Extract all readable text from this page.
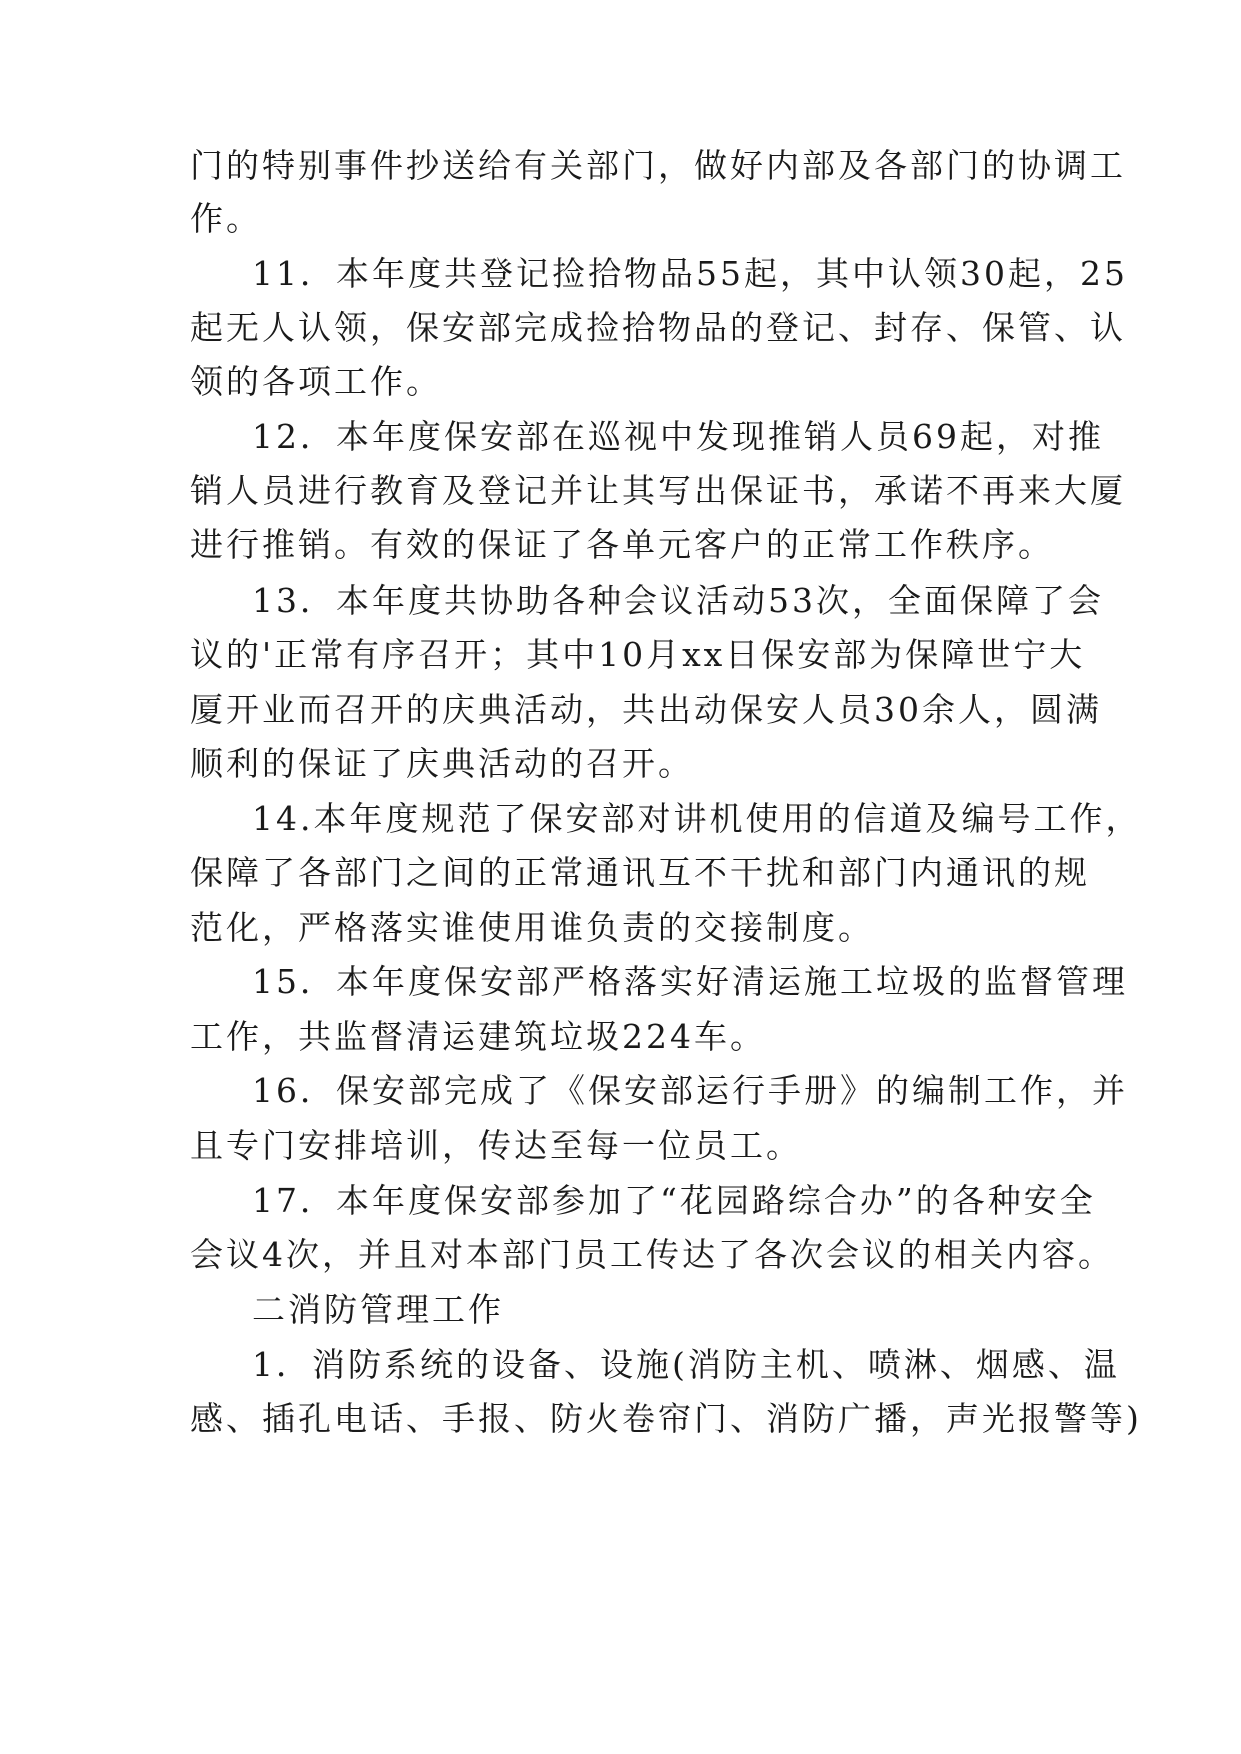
门的特别事件抄送给有关部门，做好内部及各部门的协调工
作。
11．本年度共登记捡拾物品55起，其中认领30起，25
起无人认领，保安部完成捡拾物品的登记、封存、保管、认
领的各项工作。
12．本年度保安部在巡视中发现推销人员69起，对推
销人员进行教育及登记并让其写出保证书，承诺不再来大厦
进行推销。有效的保证了各单元客户的正常工作秩序。
13．本年度共协助各种会议活动53次，全面保障了会
议的'正常有序召开；其中10月xx日保安部为保障世宁大
厦开业而召开的庆典活动，共出动保安人员30余人，圆满
顺利的保证了庆典活动的召开。
14.本年度规范了保安部对讲机使用的信道及编号工作，
保障了各部门之间的正常通讯互不干扰和部门内通讯的规
范化，严格落实谁使用谁负责的交接制度。
15．本年度保安部严格落实好清运施工垃圾的监督管理
工作，共监督清运建筑垃圾224车。
16．保安部完成了《保安部运行手册》的编制工作，并
且专门安排培训，传达至每一位员工。
17．本年度保安部参加了“花园路综合办”的各种安全
会议4次，并且对本部门员工传达了各次会议的相关内容。
二消防管理工作
1．消防系统的设备、设施(消防主机、喷淋、烟感、温
感、插孔电话、手报、防火卷帘门、消防广播，声光报警等)
